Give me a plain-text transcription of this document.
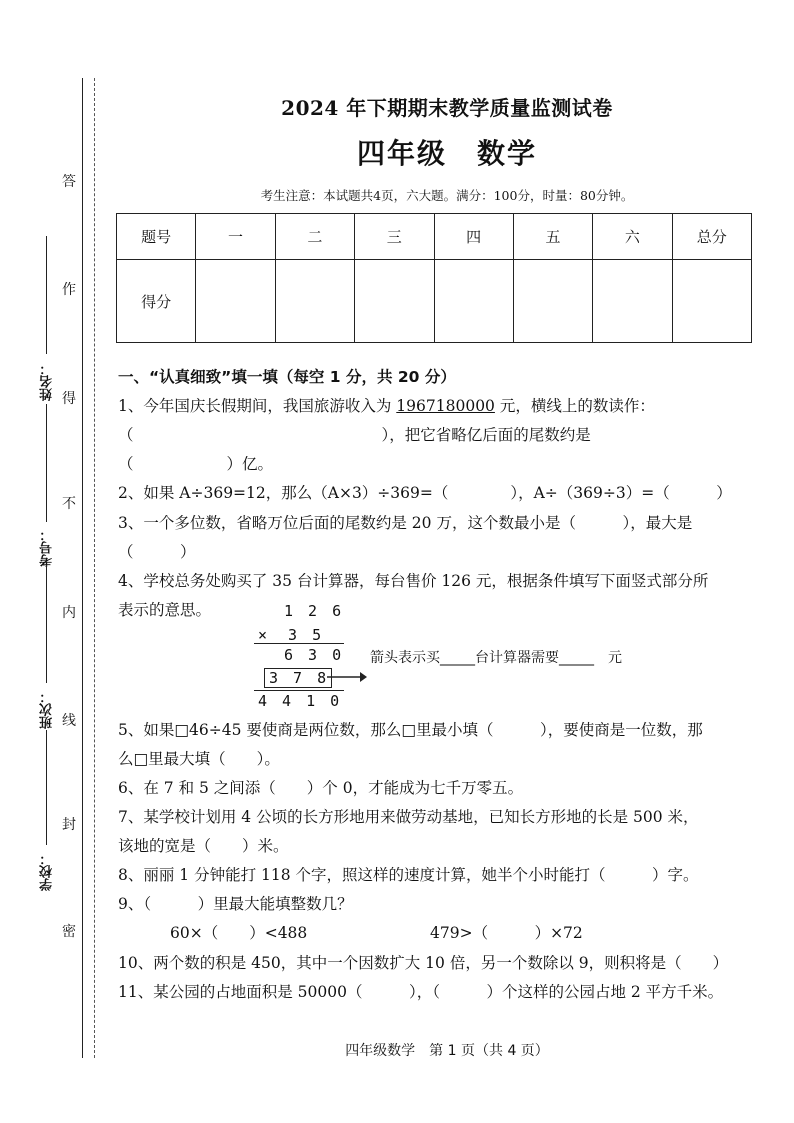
答
作
得
不
内
线
封
密
姓名：
考号：
班次：
学校：
2024 年下期期末教学质量监测试卷
四年级　数学
考生注意：本试题共4页，六大题。满分：100分，时量：80分钟。
题号	一	二	三	四	五	六	总分
得分							
一、“认真细致”填一填（每空 1 分，共 20 分）
1、今年国庆长假期间，我国旅游收入为 1967180000 元，横线上的数读作：
（　　　　　　　　　　　　　　　　），把它省略亿后面的尾数约是
（　　　　　　）亿。
2、如果 A÷369=12，那么（A×3）÷369=（　　　　），A÷（369÷3）=（　　　）
3、一个多位数，省略万位后面的尾数约是 20 万，这个数最小是（　　　），最大是
（　　　）
4、学校总务处购买了 35 台计算器，每台售价 126 元，根据条件填写下面竖式部分所
表示的意思。	1 2 6
×　3 5
6 3 0
3 7 8
4 4 1 0
箭头表示买_____台计算器需要_____　元
5、如果□46÷45 要使商是两位数，那么□里最小填（　　　），要使商是一位数，那
么□里最大填（　　）。
6、在 7 和 5 之间添（　　）个 0，才能成为七千万零五。
7、某学校计划用 4 公顷的长方形地用来做劳动基地，已知长方形地的长是 500 米，
该地的宽是（　　）米。
8、丽丽 1 分钟能打 118 个字，照这样的速度计算，她半个小时能打（　　　）字。
9、（　　　）里最大能填整数几？
60×（　　）<488	479>（　　　）×72
10、两个数的积是 450，其中一个因数扩大 10 倍，另一个数除以 9，则积将是（　　）
11、某公园的占地面积是 50000（　　　），（　　　）个这样的公园占地 2 平方千米。
四年级数学　第 1 页（共 4 页）
